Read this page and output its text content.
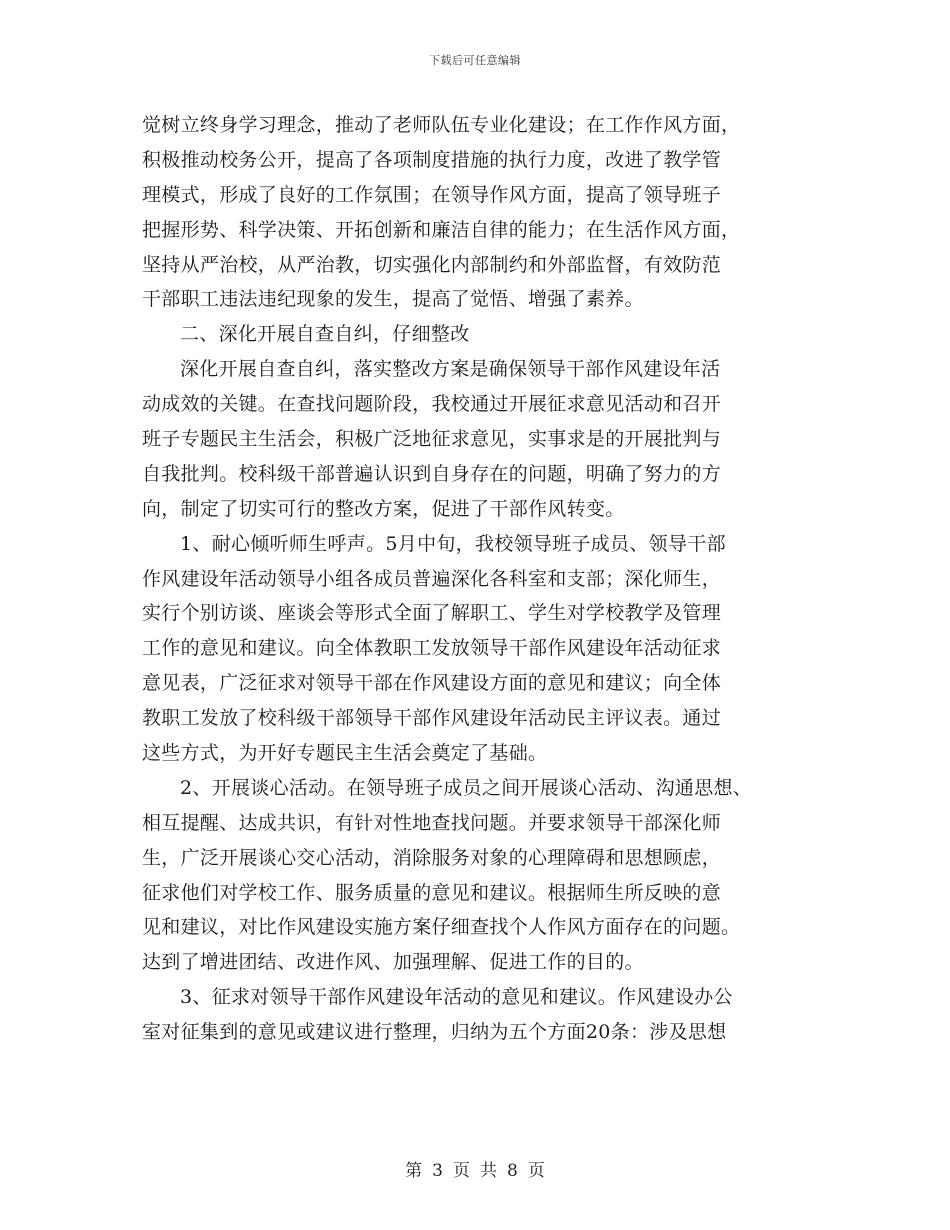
下载后可任意编辑
觉树立终身学习理念，推动了老师队伍专业化建设；在工作作风方面，
积极推动校务公开，提高了各项制度措施的执行力度，改进了教学管
理模式，形成了良好的工作氛围；在领导作风方面，提高了领导班子
把握形势、科学决策、开拓创新和廉洁自律的能力；在生活作风方面，
坚持从严治校，从严治教，切实强化内部制约和外部监督，有效防范
干部职工违法违纪现象的发生，提高了觉悟、增强了素养。
二、深化开展自查自纠，仔细整改
深化开展自查自纠，落实整改方案是确保领导干部作风建设年活
动成效的关键。在查找问题阶段，我校通过开展征求意见活动和召开
班子专题民主生活会，积极广泛地征求意见，实事求是的开展批判与
自我批判。校科级干部普遍认识到自身存在的问题，明确了努力的方
向，制定了切实可行的整改方案，促进了干部作风转变。
1、耐心倾听师生呼声。5月中旬，我校领导班子成员、领导干部
作风建设年活动领导小组各成员普遍深化各科室和支部；深化师生，
实行个别访谈、座谈会等形式全面了解职工、学生对学校教学及管理
工作的意见和建议。向全体教职工发放领导干部作风建设年活动征求
意见表，广泛征求对领导干部在作风建设方面的意见和建议；向全体
教职工发放了校科级干部领导干部作风建设年活动民主评议表。通过
这些方式，为开好专题民主生活会奠定了基础。
2、开展谈心活动。在领导班子成员之间开展谈心活动、沟通思想、
相互提醒、达成共识，有针对性地查找问题。并要求领导干部深化师
生，广泛开展谈心交心活动，消除服务对象的心理障碍和思想顾虑，
征求他们对学校工作、服务质量的意见和建议。根据师生所反映的意
见和建议，对比作风建设实施方案仔细查找个人作风方面存在的问题。
达到了增进团结、改进作风、加强理解、促进工作的目的。
3、征求对领导干部作风建设年活动的意见和建议。作风建设办公
室对征集到的意见或建议进行整理，归纳为五个方面20条：涉及思想
第 3 页 共 8 页
